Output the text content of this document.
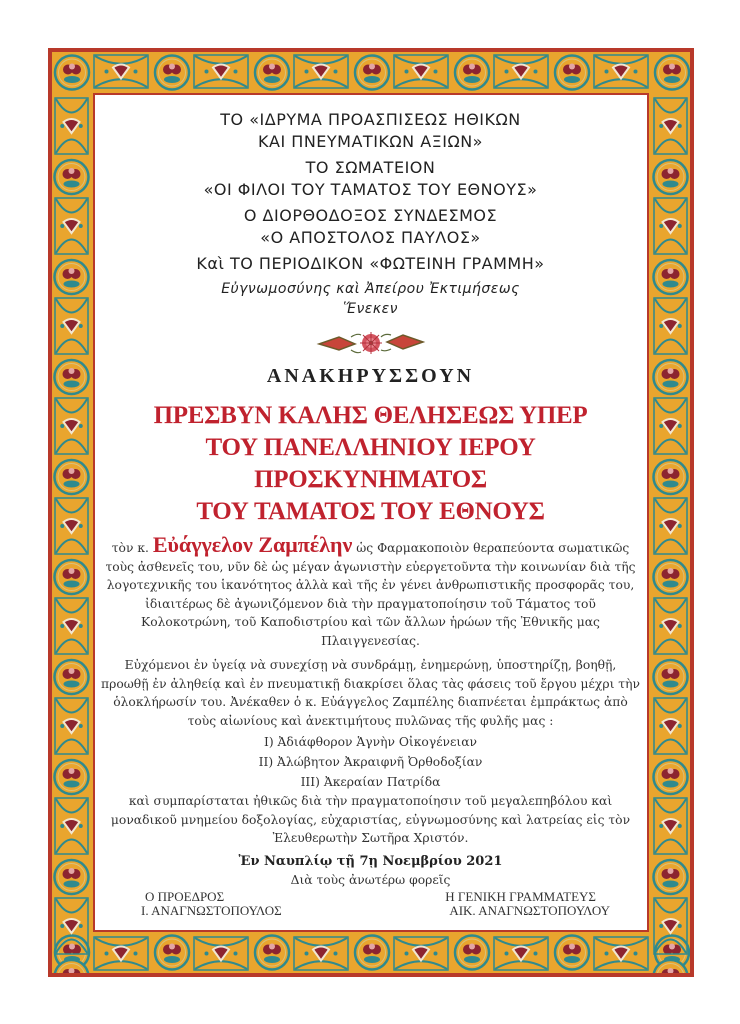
ΤΟ «ΙΔΡΥΜΑ ΠΡΟΑΣΠΙΣΕΩΣ ΗΘΙΚΩΝ
ΚΑΙ ΠΝΕΥΜΑΤΙΚΩΝ ΑΞΙΩΝ»
ΤΟ ΣΩΜΑΤΕΙΟΝ
«ΟΙ ΦΙΛΟΙ ΤΟΥ ΤΑΜΑΤΟΣ ΤΟΥ ΕΘΝΟΥΣ»
Ο ΔΙΟΡΘΟΔΟΞΟΣ ΣΥΝΔΕΣΜΟΣ
«Ο ΑΠΟΣΤΟΛΟΣ ΠΑΥΛΟΣ»
Καὶ ΤΟ ΠΕΡΙΟΔΙΚΟΝ «ΦΩΤΕΙΝΗ ΓΡΑΜΜΗ»
Εὐγνωμοσύνης καὶ Ἀπείρου Ἐκτιμήσεως
Ἕνεκεν
ΑΝΑΚΗΡΥΣΣΟΥΝ
ΠΡΕΣΒΥΝ ΚΑΛΗΣ ΘΕΛΗΣΕΩΣ ΥΠΕΡ
ΤΟΥ ΠΑΝΕΛΛΗΝΙΟΥ ΙΕΡΟΥ ΠΡΟΣΚΥΝΗΜΑΤΟΣ
ΤΟΥ ΤΑΜΑΤΟΣ ΤΟΥ ΕΘΝΟΥΣ
τὸν κ. Εὐάγγελον Ζαμπέλην ὡς Φαρμακοποιὸν θεραπεύοντα σωματικῶς τοὺς ἀσθενεῖς του, νῦν δὲ ὡς μέγαν ἀγωνιστὴν εὐεργετοῦντα τὴν κοινωνίαν διὰ τῆς λογοτεχνικῆς του ἱκανότητος ἀλλὰ καὶ τῆς ἐν γένει ἀνθρωπιστικῆς προσφορᾶς του, ἰδιαιτέρως δὲ ἀγωνιζόμενον διὰ τὴν πραγματοποίησιν τοῦ Τάματος τοῦ Κολοκοτρώνη, τοῦ Καποδιστρίου καὶ τῶν ἄλλων ἡρώων τῆς Ἐθνικῆς μας Πλαιγγενεσίας.
Εὐχόμενοι ἐν ὑγείᾳ νὰ συνεχίσῃ νὰ συνδράμῃ, ἐνημερώνῃ, ὑποστηρίζῃ, βοηθῇ, προωθῇ ἐν ἀληθείᾳ καὶ ἐν πνευματικῇ διακρίσει ὅλας τὰς φάσεις τοῦ ἔργου μέχρι τὴν ὁλοκλήρωσίν του. Ἀνέκαθεν ὁ κ. Εὐάγγελος Ζαμπέλης διαπνέεται ἐμπράκτως ἀπὸ τοὺς αἰωνίους καὶ ἀνεκτιμήτους πυλῶνας τῆς φυλῆς μας :
I) Ἀδιάφθορον Ἁγνὴν Οἰκογένειαν
II) Ἀλώβητον Ἀκραιφνῆ Ὀρθοδοξίαν
III) Ἀκεραίαν Πατρίδα
καὶ συμπαρίσταται ἠθικῶς διὰ τὴν πραγματοποίησιν τοῦ μεγαλεπηβόλου καὶ μοναδικοῦ μνημείου δοξολογίας, εὐχαριστίας, εὐγνωμοσύνης καὶ λατρείας εἰς τὸν Ἐλευθερωτὴν Σωτῆρα Χριστόν.
Ἐν Ναυπλίῳ τῇ 7ῃ Νοεμβρίου 2021
Διὰ τοὺς ἀνωτέρω φορεῖς
Ο ΠΡΟΕΔΡΟΣ	Η ΓΕΝΙΚΗ ΓΡΑΜΜΑΤΕΥΣ
Ι. ΑΝΑΓΝΩΣΤΟΠΟΥΛΟΣ	ΑΙΚ. ΑΝΑΓΝΩΣΤΟΠΟΥΛΟΥ
